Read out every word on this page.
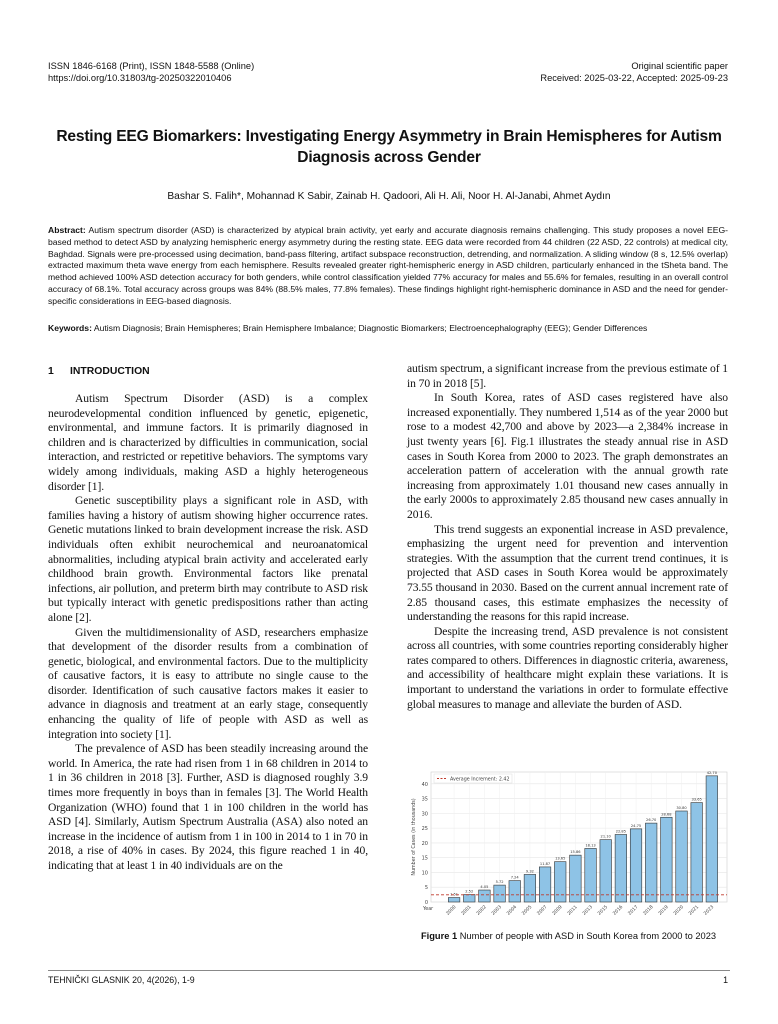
ISSN 1846-6168 (Print), ISSN 1848-5588 (Online)
https://doi.org/10.31803/tg-20250322010406
Original scientific paper
Received: 2025-03-22, Accepted: 2025-09-23
Resting EEG Biomarkers: Investigating Energy Asymmetry in Brain Hemispheres for Autism Diagnosis across Gender
Bashar S. Falih*, Mohannad K Sabir, Zainab H. Qadoori, Ali H. Ali, Noor H. Al-Janabi, Ahmet Aydın
Abstract: Autism spectrum disorder (ASD) is characterized by atypical brain activity, yet early and accurate diagnosis remains challenging. This study proposes a novel EEG-based method to detect ASD by analyzing hemispheric energy asymmetry during the resting state. EEG data were recorded from 44 children (22 ASD, 22 controls) at medical city, Baghdad. Signals were pre-processed using decimation, band-pass filtering, artifact subspace reconstruction, detrending, and normalization. A sliding window (8 s, 12.5% overlap) extracted maximum theta wave energy from each hemisphere. Results revealed greater right-hemispheric energy in ASD children, particularly enhanced in the tSheta band. The method achieved 100% ASD detection accuracy for both genders, while control classification yielded 77% accuracy for males and 55.6% for females, resulting in an overall control accuracy of 68.1%. Total accuracy across groups was 84% (88.5% males, 77.8% females). These findings highlight right-hemispheric dominance in ASD and the need for gender-specific considerations in EEG-based diagnosis.
Keywords: Autism Diagnosis; Brain Hemispheres; Brain Hemisphere Imbalance; Diagnostic Biomarkers; Electroencephalography (EEG); Gender Differences
1 INTRODUCTION

Autism Spectrum Disorder (ASD) is a complex neurodevelopmental condition influenced by genetic, epigenetic, environmental, and immune factors. It is primarily diagnosed in children and is characterized by difficulties in communication, social interaction, and restricted or repetitive behaviors. The symptoms vary widely among individuals, making ASD a highly heterogeneous disorder [1].

Genetic susceptibility plays a significant role in ASD, with families having a history of autism showing higher occurrence rates. Genetic mutations linked to brain development increase the risk. ASD individuals often exhibit neurochemical and neuroanatomical abnormalities, including atypical brain activity and accelerated early childhood brain growth. Environmental factors like prenatal infections, air pollution, and preterm birth may contribute to ASD risk but typically interact with genetic predispositions rather than acting alone [2].

Given the multidimensionality of ASD, researchers emphasize that development of the disorder results from a combination of genetic, biological, and environmental factors. Due to the multiplicity of causative factors, it is easy to attribute no single cause to the disorder. Identification of such causative factors makes it easier to advance in diagnosis and treatment at an early stage, consequently enhancing the quality of life of people with ASD as well as integration into society [1].

The prevalence of ASD has been steadily increasing around the world. In America, the rate had risen from 1 in 68 children in 2014 to 1 in 36 children in 2018 [3]. Further, ASD is diagnosed roughly 3.9 times more frequently in boys than in females [3]. The World Health Organization (WHO) found that 1 in 100 children in the world has ASD [4]. Similarly, Autism Spectrum Australia (ASA) also noted an increase in the incidence of autism from 1 in 100 in 2014 to 1 in 70 in 2018, a rise of 40% in cases. By 2024, this figure reached 1 in 40, indicating that at least 1 in 40 individuals are on the

autism spectrum, a significant increase from the previous estimate of 1 in 70 in 2018 [5].

In South Korea, rates of ASD cases registered have also increased exponentially. They numbered 1,514 as of the year 2000 but rose to a modest 42,700 and above by 2023—a 2,384% increase in just twenty years [6]. Fig.1 illustrates the steady annual rise in ASD cases in South Korea from 2000 to 2023. The graph demonstrates an acceleration pattern of acceleration with the annual growth rate increasing from approximately 1.01 thousand new cases annually in the early 2000s to approximately 2.85 thousand new cases annually in 2016.

This trend suggests an exponential increase in ASD prevalence, emphasizing the urgent need for prevention and intervention strategies. With the assumption that the current trend continues, it is projected that ASD cases in South Korea would be approximately 73.55 thousand in 2030. Based on the current annual increment rate of 2.85 thousand cases, this estimate emphasizes the necessity of understanding the reasons for this rapid increase.

Despite the increasing trend, ASD prevalence is not consistent across all countries, with some countries reporting considerably higher rates compared to others. Differences in diagnostic criteria, awareness, and accessibility of healthcare might explain these variations. It is important to understand the variations in order to formulate effective global measures to manage and alleviate the burden of ASD.

0
5
10
15
20
25
30
35
40
1.51
2000
2.52
2001
4.05
2002
5.72
2003
7.24
2004
9.32
2005
11.87
2007
13.65
2009
15.86
2011
18.13
2013
21.10
2015
22.85
2016
24.75
2017
26.70
2018
28.68
2019
30.80
2020
33.65
2021
42.70
2023
Year
Number of Cases (in thousands)
Average Increment: 2.42
Figure 1 Number of people with ASD in South Korea from 2000 to 2023
TEHNIČKI GLASNIK 20, 4(2026), 1-9	1
